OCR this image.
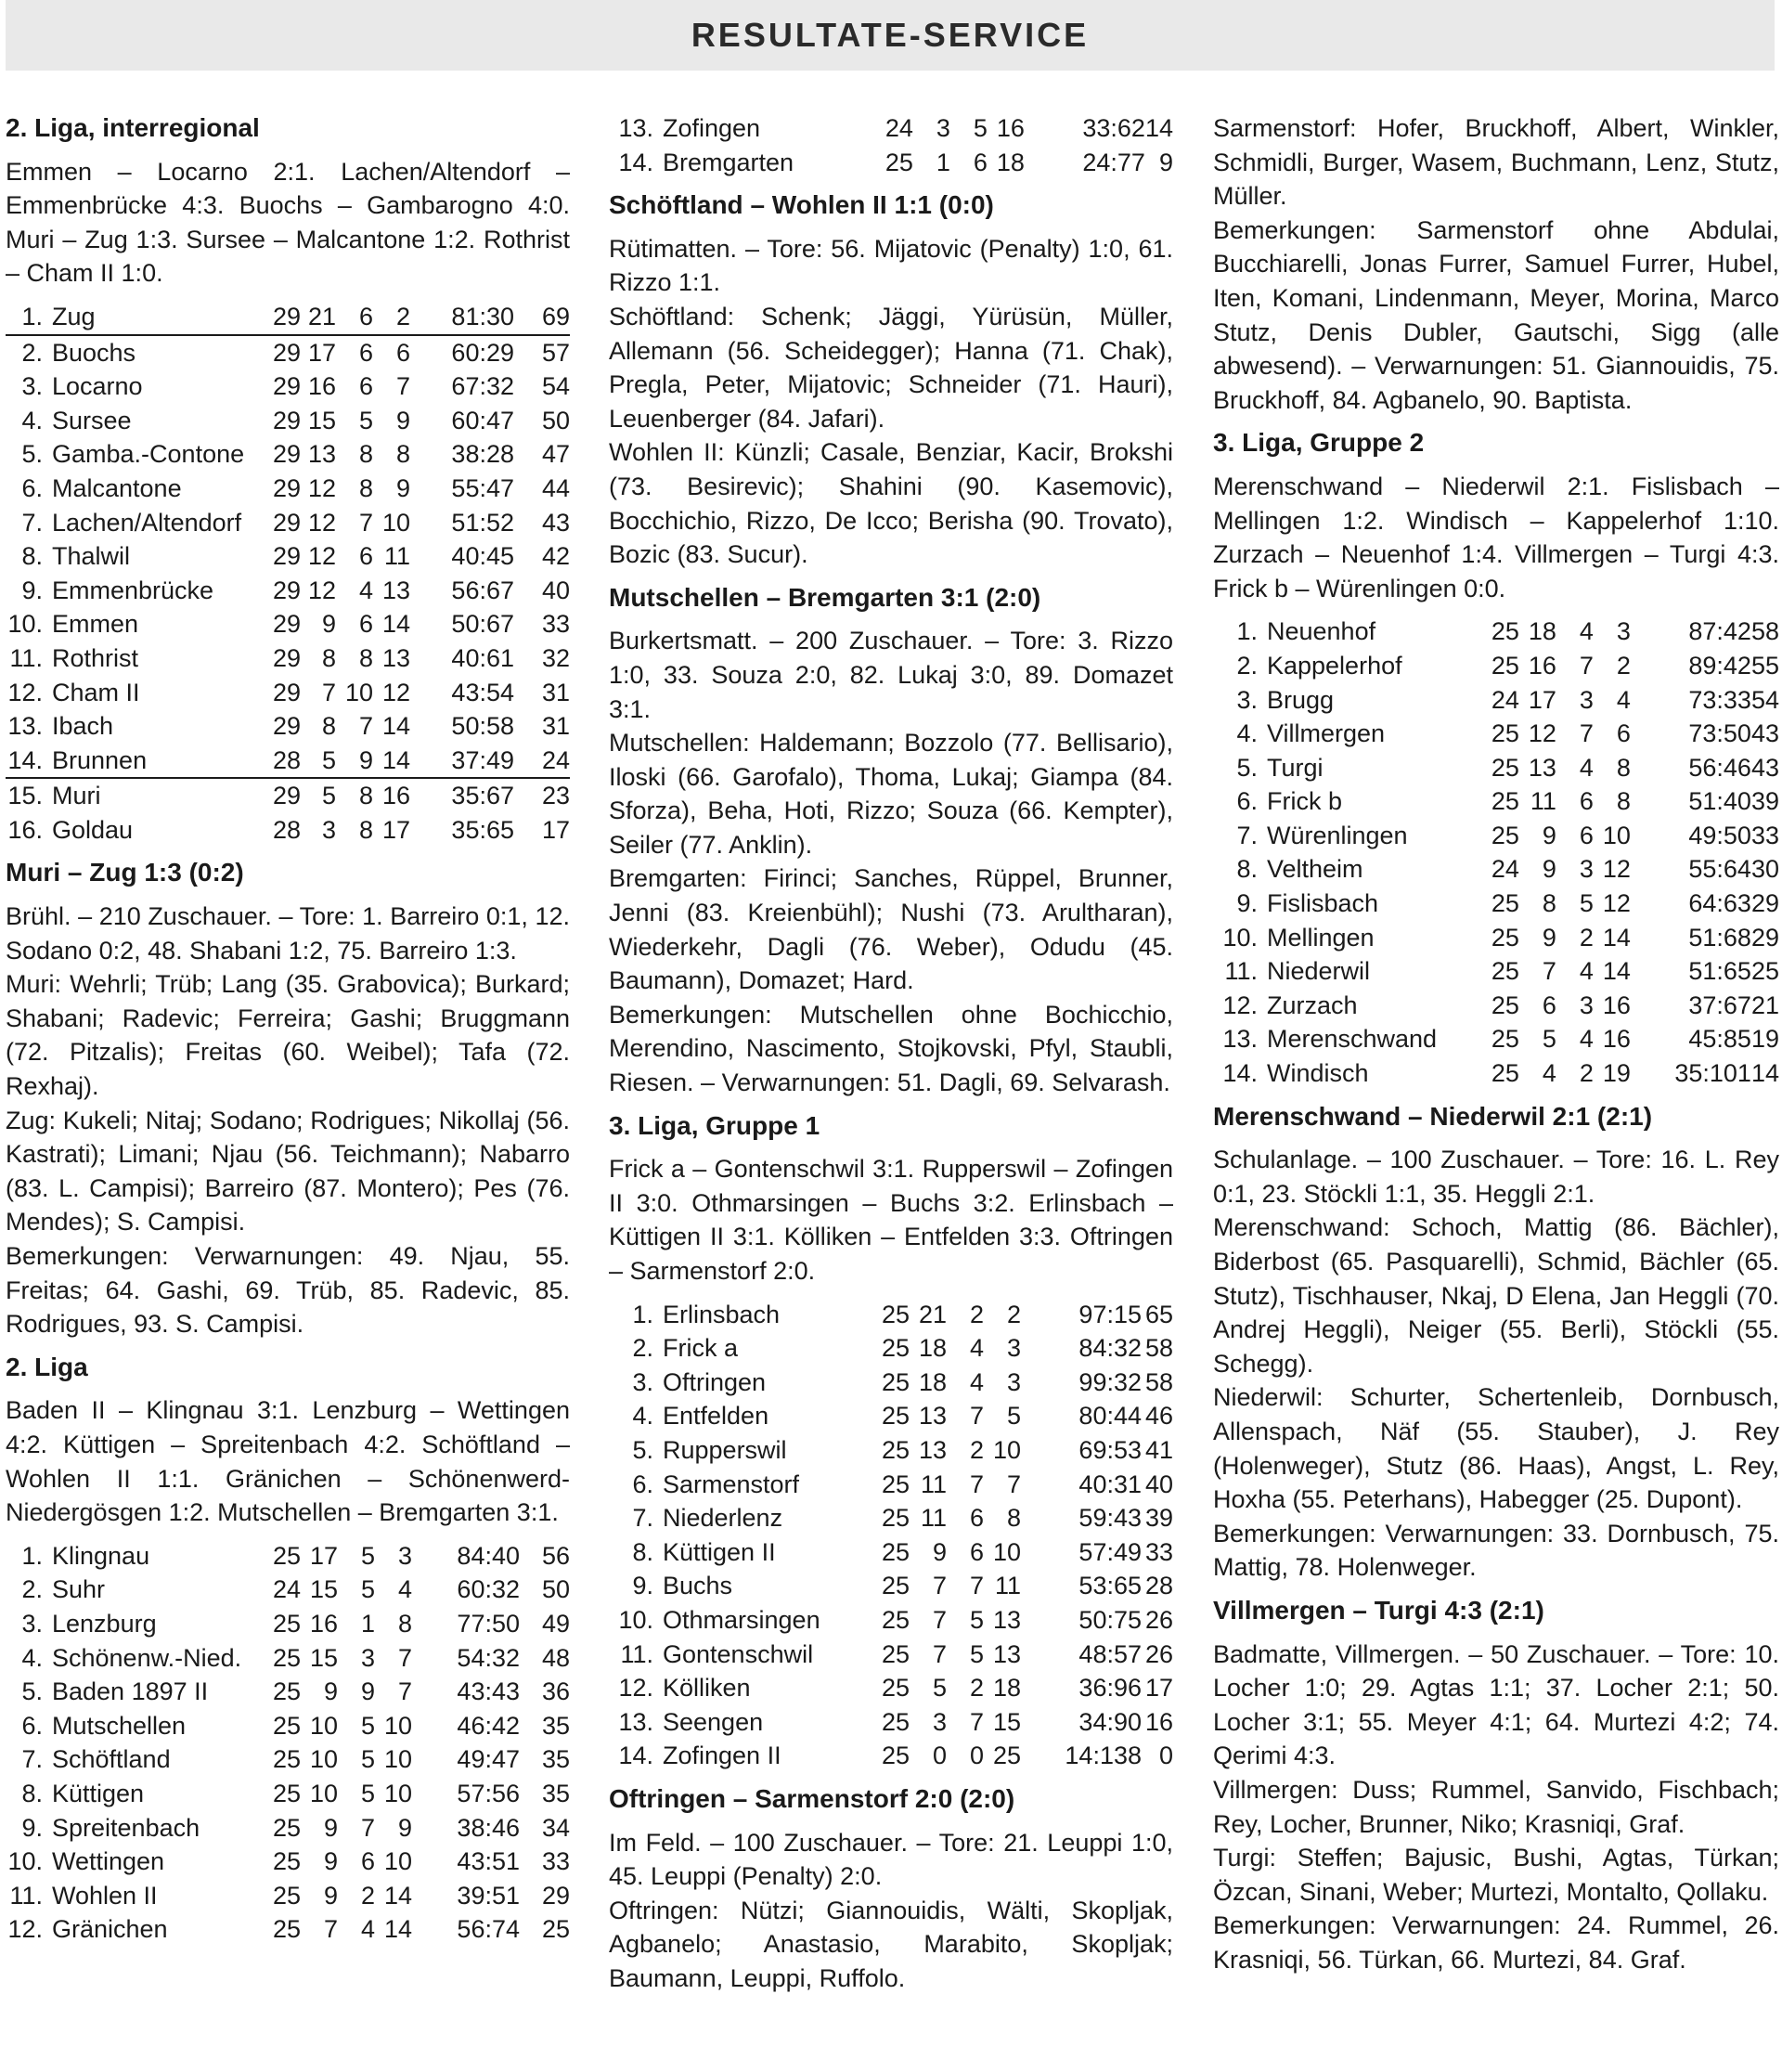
RESULTATE-SERVICE
2. Liga, interregional

Emmen – Locarno 2:1. Lachen/Altendorf – Emmenbrücke 4:3. Buochs – Gambarogno 4:0. Muri – Zug 1:3. Sursee – Malcantone 1:2. Rothrist – Cham II 1:0.

1.	Zug	29	21	6	2	81:30	69
2.	Buochs	29	17	6	6	60:29	57
3.	Locarno	29	16	6	7	67:32	54
4.	Sursee	29	15	5	9	60:47	50
5.	Gamba.-Contone	29	13	8	8	38:28	47
6.	Malcantone	29	12	8	9	55:47	44
7.	Lachen/Altendorf	29	12	7	10	51:52	43
8.	Thalwil	29	12	6	11	40:45	42
9.	Emmenbrücke	29	12	4	13	56:67	40
10.	Emmen	29	9	6	14	50:67	33
11.	Rothrist	29	8	8	13	40:61	32
12.	Cham II	29	7	10	12	43:54	31
13.	Ibach	29	8	7	14	50:58	31
14.	Brunnen	28	5	9	14	37:49	24
15.	Muri	29	5	8	16	35:67	23
16.	Goldau	28	3	8	17	35:65	17
Muri – Zug 1:3 (0:2)

Brühl. – 210 Zuschauer. – Tore: 1. Barreiro 0:1, 12. Sodano 0:2, 48. Shabani 1:2, 75. Barreiro 1:3.

Muri: Wehrli; Trüb; Lang (35. Grabovica); Burkard; Shabani; Radevic; Ferreira; Gashi; Bruggmann (72. Pitzalis); Freitas (60. Weibel); Tafa (72. Rexhaj).

Zug: Kukeli; Nitaj; Sodano; Rodrigues; Nikollaj (56. Kastrati); Limani; Njau (56. Teichmann); Nabarro (83. L. Campisi); Barreiro (87. Montero); Pes (76. Mendes); S. Campisi.

Bemerkungen: Verwarnungen: 49. Njau, 55. Freitas; 64. Gashi, 69. Trüb, 85. Radevic, 85. Rodrigues, 93. S. Campisi.

2. Liga

Baden II – Klingnau 3:1. Lenzburg – Wettingen 4:2. Küttigen – Spreitenbach 4:2. Schöftland – Wohlen II 1:1. Gränichen – Schönenwerd-Niedergösgen 1:2. Mutschellen – Bremgarten 3:1.

1.	Klingnau	25	17	5	3	84:40	56
2.	Suhr	24	15	5	4	60:32	50
3.	Lenzburg	25	16	1	8	77:50	49
4.	Schönenw.-Nied.	25	15	3	7	54:32	48
5.	Baden 1897 II	25	9	9	7	43:43	36
6.	Mutschellen	25	10	5	10	46:42	35
7.	Schöftland	25	10	5	10	49:47	35
8.	Küttigen	25	10	5	10	57:56	35
9.	Spreitenbach	25	9	7	9	38:46	34
10.	Wettingen	25	9	6	10	43:51	33
11.	Wohlen II	25	9	2	14	39:51	29
12.	Gränichen	25	7	4	14	56:74	25
13.	Zofingen	24	3	5	16	33:62	14
14.	Bremgarten	25	1	6	18	24:77	9
Schöftland – Wohlen II 1:1 (0:0)

Rütimatten. – Tore: 56. Mijatovic (Penalty) 1:0, 61. Rizzo 1:1.

Schöftland: Schenk; Jäggi, Yürüsün, Müller, Allemann (56. Scheidegger); Hanna (71. Chak), Pregla, Peter, Mijatovic; Schneider (71. Hauri), Leuenberger (84. Jafari).

Wohlen II: Künzli; Casale, Benziar, Kacir, Brokshi (73. Besirevic); Shahini (90. Kasemovic), Bocchichio, Rizzo, De Icco; Berisha (90. Trovato), Bozic (83. Sucur).

Mutschellen – Bremgarten 3:1 (2:0)

Burkertsmatt. – 200 Zuschauer. – Tore: 3. Rizzo 1:0, 33. Souza 2:0, 82. Lukaj 3:0, 89. Domazet 3:1.

Mutschellen: Haldemann; Bozzolo (77. Bellisario), Iloski (66. Garofalo), Thoma, Lukaj; Giampa (84. Sforza), Beha, Hoti, Rizzo; Souza (66. Kempter), Seiler (77. Anklin).

Bremgarten: Firinci; Sanches, Rüppel, Brunner, Jenni (83. Kreienbühl); Nushi (73. Arultharan), Wiederkehr, Dagli (76. Weber), Odudu (45. Baumann), Domazet; Hard.

Bemerkungen: Mutschellen ohne Bochicchio, Merendino, Nascimento, Stojkovski, Pfyl, Staubli, Riesen. – Verwarnungen: 51. Dagli, 69. Selvarash.

3. Liga, Gruppe 1

Frick a – Gontenschwil 3:1. Rupperswil – Zofingen II 3:0. Othmarsingen – Buchs 3:2. Erlinsbach – Küttigen II 3:1. Kölliken – Entfelden 3:3. Oftringen – Sarmenstorf 2:0.

1.	Erlinsbach	25	21	2	2	97:15	65
2.	Frick a	25	18	4	3	84:32	58
3.	Oftringen	25	18	4	3	99:32	58
4.	Entfelden	25	13	7	5	80:44	46
5.	Rupperswil	25	13	2	10	69:53	41
6.	Sarmenstorf	25	11	7	7	40:31	40
7.	Niederlenz	25	11	6	8	59:43	39
8.	Küttigen II	25	9	6	10	57:49	33
9.	Buchs	25	7	7	11	53:65	28
10.	Othmarsingen	25	7	5	13	50:75	26
11.	Gontenschwil	25	7	5	13	48:57	26
12.	Kölliken	25	5	2	18	36:96	17
13.	Seengen	25	3	7	15	34:90	16
14.	Zofingen II	25	0	0	25	14:138	0
Oftringen – Sarmenstorf 2:0 (2:0)

Im Feld. – 100 Zuschauer. – Tore: 21. Leuppi 1:0, 45. Leuppi (Penalty) 2:0.

Oftringen: Nützi; Giannouidis, Wälti, Skopljak, Agbanelo; Anastasio, Marabito, Skopljak; Baumann, Leuppi, Ruffolo.

Sarmenstorf: Hofer, Bruckhoff, Albert, Winkler, Schmidli, Burger, Wasem, Buchmann, Lenz, Stutz, Müller.

Bemerkungen: Sarmenstorf ohne Abdulai, Bucchiarelli, Jonas Furrer, Samuel Furrer, Hubel, Iten, Komani, Lindenmann, Meyer, Morina, Marco Stutz, Denis Dubler, Gautschi, Sigg (alle abwesend). – Verwarnungen: 51. Giannouidis, 75. Bruckhoff, 84. Agbanelo, 90. Baptista.

3. Liga, Gruppe 2

Merenschwand – Niederwil 2:1. Fislisbach – Mellingen 1:2. Windisch – Kappelerhof 1:10. Zurzach – Neuenhof 1:4. Villmergen – Turgi 4:3. Frick b – Würenlingen 0:0.

1.	Neuenhof	25	18	4	3	87:42	58
2.	Kappelerhof	25	16	7	2	89:42	55
3.	Brugg	24	17	3	4	73:33	54
4.	Villmergen	25	12	7	6	73:50	43
5.	Turgi	25	13	4	8	56:46	43
6.	Frick b	25	11	6	8	51:40	39
7.	Würenlingen	25	9	6	10	49:50	33
8.	Veltheim	24	9	3	12	55:64	30
9.	Fislisbach	25	8	5	12	64:63	29
10.	Mellingen	25	9	2	14	51:68	29
11.	Niederwil	25	7	4	14	51:65	25
12.	Zurzach	25	6	3	16	37:67	21
13.	Merenschwand	25	5	4	16	45:85	19
14.	Windisch	25	4	2	19	35:101	14
Merenschwand – Niederwil 2:1 (2:1)

Schulanlage. – 100 Zuschauer. – Tore: 16. L. Rey 0:1, 23. Stöckli 1:1, 35. Heggli 2:1.

Merenschwand: Schoch, Mattig (86. Bächler), Biderbost (65. Pasquarelli), Schmid, Bächler (65. Stutz), Tischhauser, Nkaj, D Elena, Jan Heggli (70. Andrej Heggli), Neiger (55. Berli), Stöckli (55. Schegg).

Niederwil: Schurter, Schertenleib, Dornbusch, Allenspach, Näf (55. Stauber), J. Rey (Holenweger), Stutz (86. Haas), Angst, L. Rey, Hoxha (55. Peterhans), Habegger (25. Dupont).

Bemerkungen: Verwarnungen: 33. Dornbusch, 75. Mattig, 78. Holenweger.

Villmergen – Turgi 4:3 (2:1)

Badmatte, Villmergen. – 50 Zuschauer. – Tore: 10. Locher 1:0; 29. Agtas 1:1; 37. Locher 2:1; 50. Locher 3:1; 55. Meyer 4:1; 64. Murtezi 4:2; 74. Qerimi 4:3.

Villmergen: Duss; Rummel, Sanvido, Fischbach; Rey, Locher, Brunner, Niko; Krasniqi, Graf.

Turgi: Steffen; Bajusic, Bushi, Agtas, Türkan; Özcan, Sinani, Weber; Murtezi, Montalto, Qollaku.

Bemerkungen: Verwarnungen: 24. Rummel, 26. Krasniqi, 56. Türkan, 66. Murtezi, 84. Graf.
